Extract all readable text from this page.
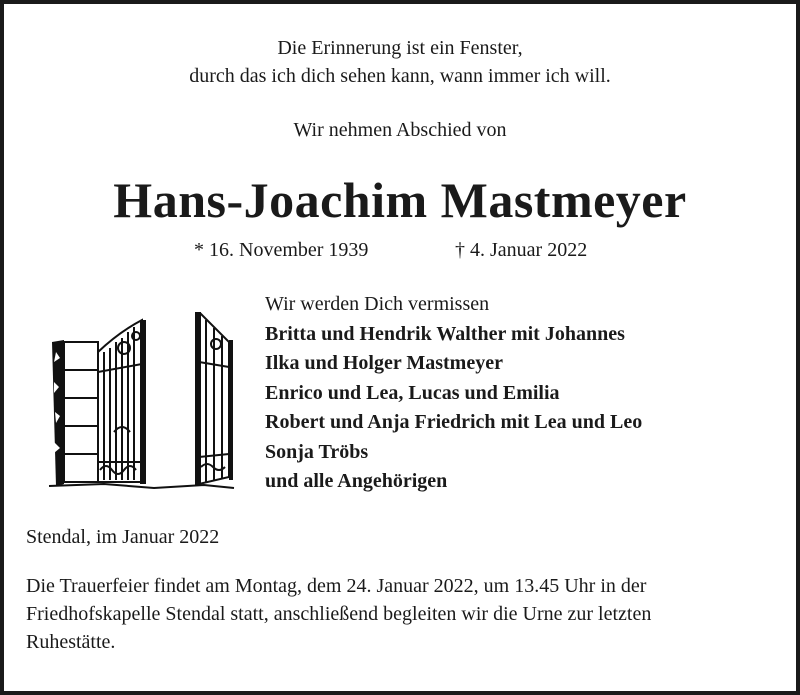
Die Erinnerung ist ein Fenster,
durch das ich dich sehen kann, wann immer ich will.
Wir nehmen Abschied von
Hans-Joachim Mastmeyer
* 16. November 1939	† 4. Januar 2022
Wir werden Dich vermissen
Britta und Hendrik Walther mit Johannes
Ilka und Holger Mastmeyer
Enrico und Lea, Lucas und Emilia
Robert und Anja Friedrich mit Lea und Leo
Sonja Tröbs
und alle Angehörigen
Stendal, im Januar 2022
Die Trauerfeier findet am Montag, dem 24. Januar 2022, um 13.45 Uhr in der
Friedhofskapelle Stendal statt, anschließend begleiten wir die Urne zur letzten
Ruhestätte.
